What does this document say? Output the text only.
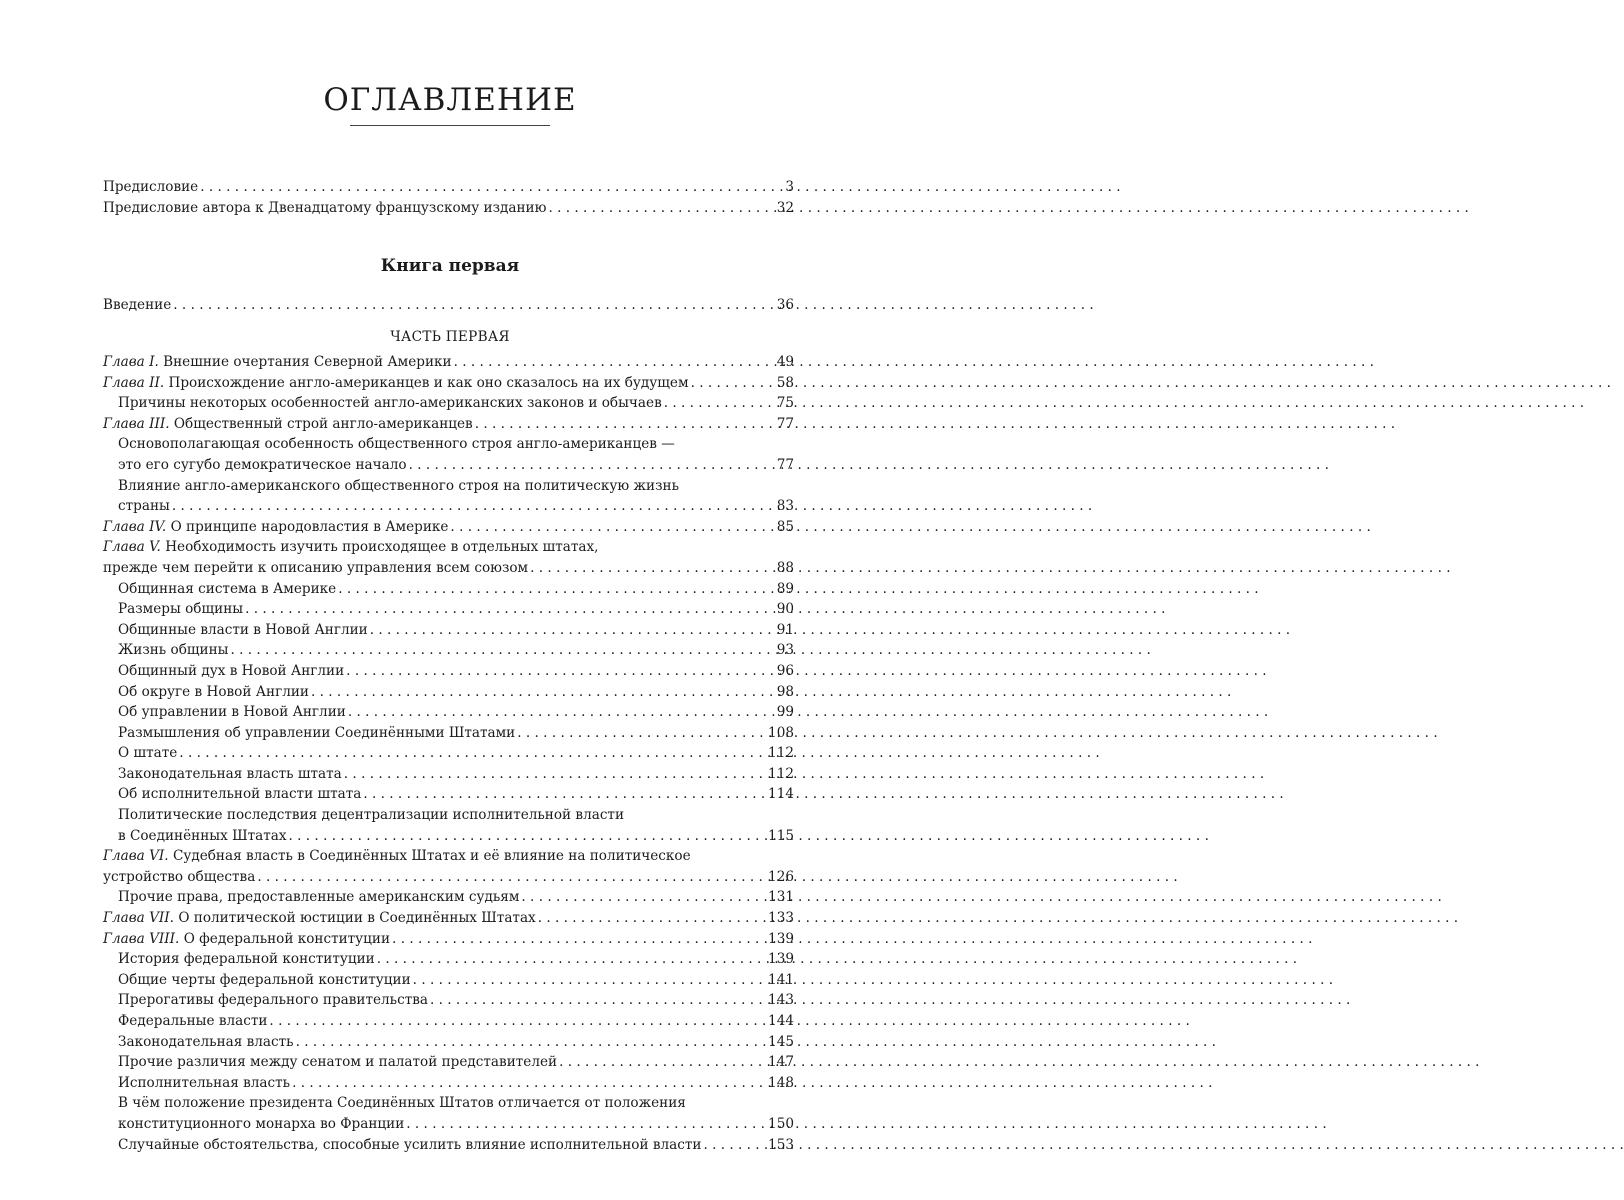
ОГЛАВЛЕНИЕ
Предисловие . . .	3
Предисловие автора к Двенадцатому французскому изданию . . .	32
Книга первая
Введение . . .	36
ЧАСТЬ ПЕРВАЯ
Глава I. Внешние очертания Северной Америки . . .	49
Глава II. Происхождение англо-американцев и как оно сказалось на их будущем . . .	58
Причины некоторых особенностей англо-американских законов и обычаев . . .	75
Глава III. Общественный строй англо-американцев . . .	77
Основополагающая особенность общественного строя англо-американцев —
это его сугубо демократическое начало . . .	77
Влияние англо-американского общественного строя на политическую жизнь
страны . . .	83
Глава IV. О принципе народовластия в Америке . . .	85
Глава V. Необходимость изучить происходящее в отдельных штатах,
прежде чем перейти к описанию управления всем союзом . . .	88
Общинная система в Америке . . .	89
Размеры общины . . .	90
Общинные власти в Новой Англии . . .	91
Жизнь общины . . .	93
Общинный дух в Новой Англии . . .	96
Об округе в Новой Англии . . .	98
Об управлении в Новой Англии . . .	99
Размышления об управлении Соединёнными Штатами . . .	108
О штате . . .	112
Законодательная власть штата . . .	112
Об исполнительной власти штата . . .	114
Политические последствия децентрализации исполнительной власти
в Соединённых Штатах . . .	115
Глава VI. Судебная власть в Соединённых Штатах и её влияние на политическое
устройство общества . . .	126
Прочие права, предоставленные американским судьям . . .	131
Глава VII. О политической юстиции в Соединённых Штатах . . .	133
Глава VIII. О федеральной конституции . . .	139
История федеральной конституции . . .	139
Общие черты федеральной конституции . . .	141
Прерогативы федерального правительства . . .	143
Федеральные власти . . .	144
Законодательная власть . . .	145
Прочие различия между сенатом и палатой представителей . . .	147
Исполнительная власть . . .	148
В чём положение президента Соединённых Штатов отличается от положения
конституционного монарха во Франции . . .	150
Случайные обстоятельства, способные усилить влияние исполнительной власти . . .	153
